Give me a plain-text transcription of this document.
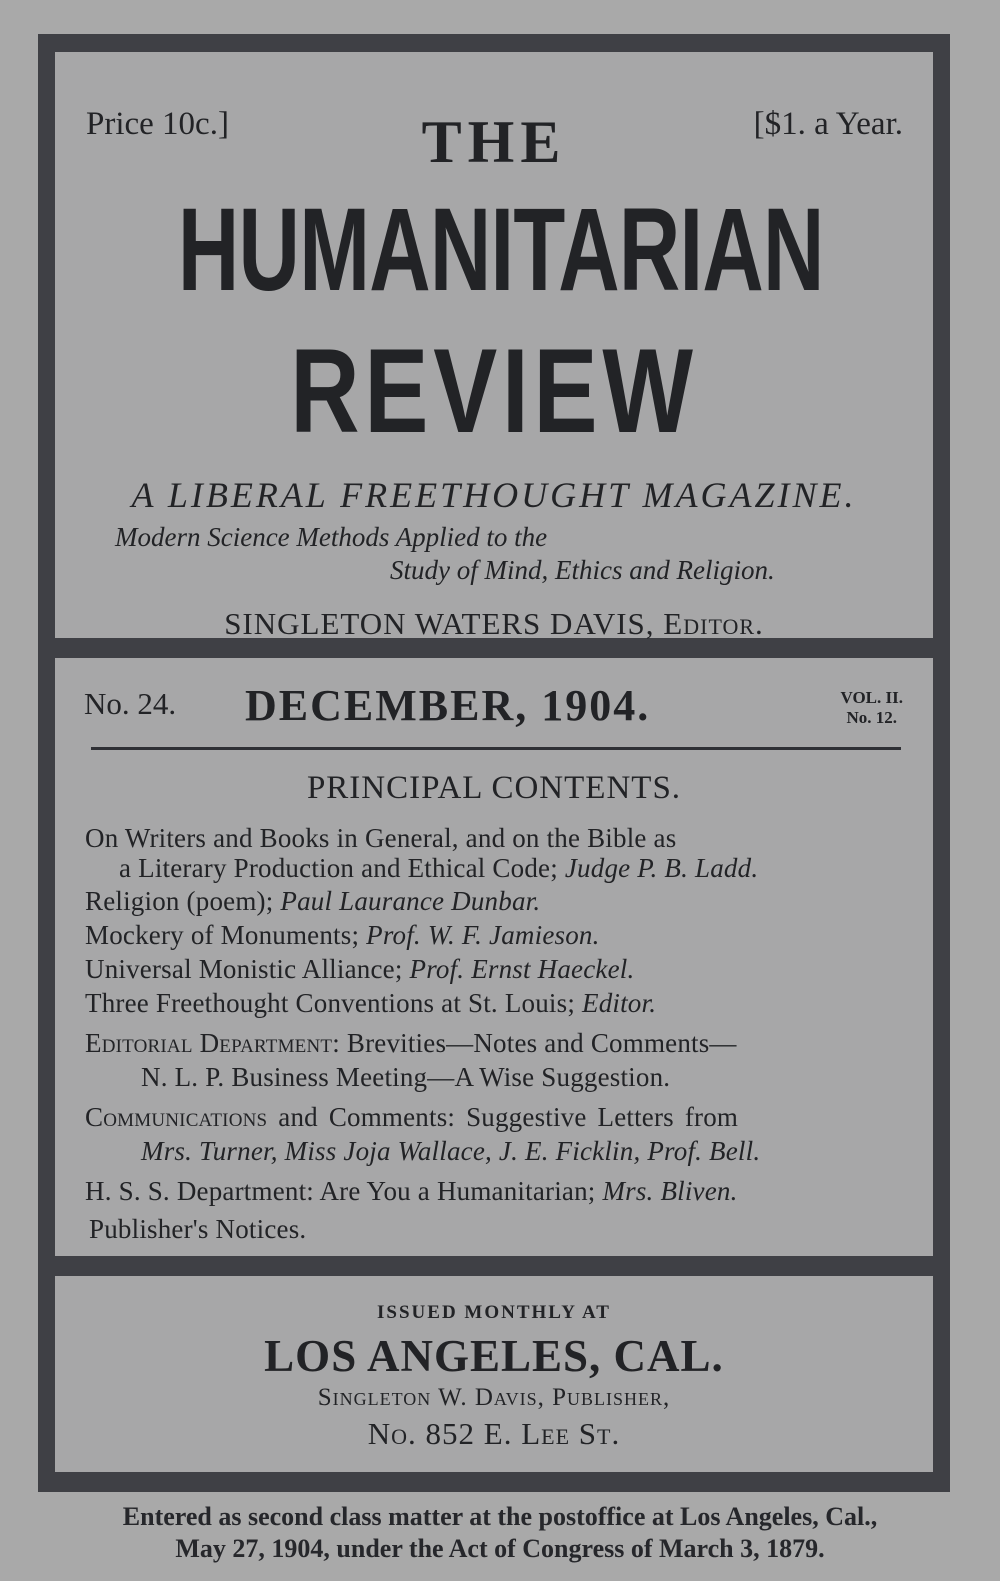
Price 10c.]	THE	[$1. a Year.
HUMANITARIAN
REVIEW
A LIBERAL FREETHOUGHT MAGAZINE.
Modern Science Methods Applied to the
Study of Mind, Ethics and Religion.
SINGLETON WATERS DAVIS, Editor.
No. 24. DECEMBER, 1904.	VOL. II.
No. 12.
PRINCIPAL CONTENTS.
On Writers and Books in General, and on the Bible as
a Literary Production and Ethical Code; Judge P. B. Ladd.
Religion (poem); Paul Laurance Dunbar.
Mockery of Monuments; Prof. W. F. Jamieson.
Universal Monistic Alliance; Prof. Ernst Haeckel.
Three Freethought Conventions at St. Louis; Editor.
Editorial Department: Brevities—Notes and Comments—
N. L. P. Business Meeting—A Wise Suggestion.
Communications and Comments: Suggestive Letters from
Mrs. Turner, Miss Joja Wallace, J. E. Ficklin, Prof. Bell.
H. S. S. Department: Are You a Humanitarian; Mrs. Bliven.
Publisher's Notices.
ISSUED MONTHLY AT
LOS ANGELES, CAL.
Singleton W. Davis, Publisher,
No. 852 E. Lee St.
Entered as second class matter at the postoffice at Los Angeles, Cal.,
May 27, 1904, under the Act of Congress of March 3, 1879.
